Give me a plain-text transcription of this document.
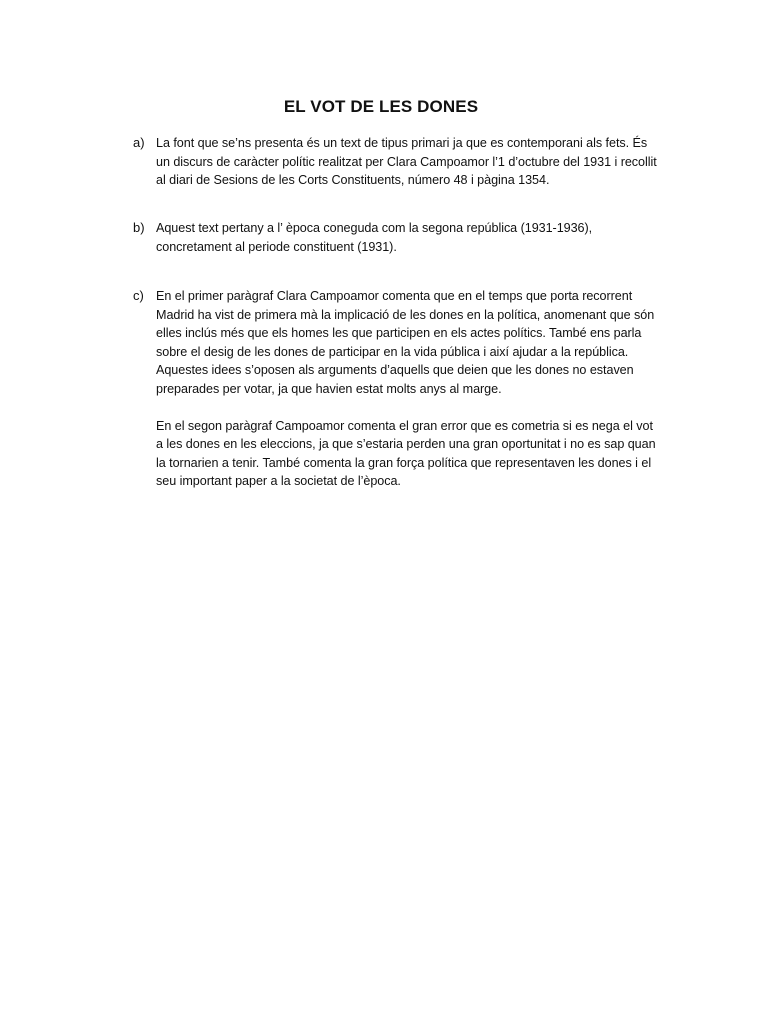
EL VOT DE LES DONES
a) La font que se’ns presenta és un text de tipus primari ja que es contemporani als fets. És un discurs de caràcter polític realitzat per Clara Campoamor l’1 d’octubre del 1931 i recollit al diari de Sesions de les Corts Constituents, número 48 i pàgina 1354.

b) Aquest text pertany a l’ època coneguda com la segona república (1931-1936), concretament al periode constituent (1931).

c) En el primer paràgraf Clara Campoamor comenta que en el temps que porta recorrent Madrid ha vist de primera mà la implicació de les dones en la política, anomenant que són elles inclús més que els homes les que participen en els actes polítics. També ens parla sobre el desig de les dones de participar en la vida pública i així ajudar a la república. Aquestes idees s’oposen als arguments d’aquells que deien que les dones no estaven preparades per votar, ja que havien estat molts anys al marge.

En el segon paràgraf Campoamor comenta el gran error que es cometria si es nega el vot a les dones en les eleccions, ja que s’estaria perden una gran oportunitat i no es sap quan la tornarien a tenir. També comenta la gran força política que representaven les dones i el seu important paper a la societat de l’època.
